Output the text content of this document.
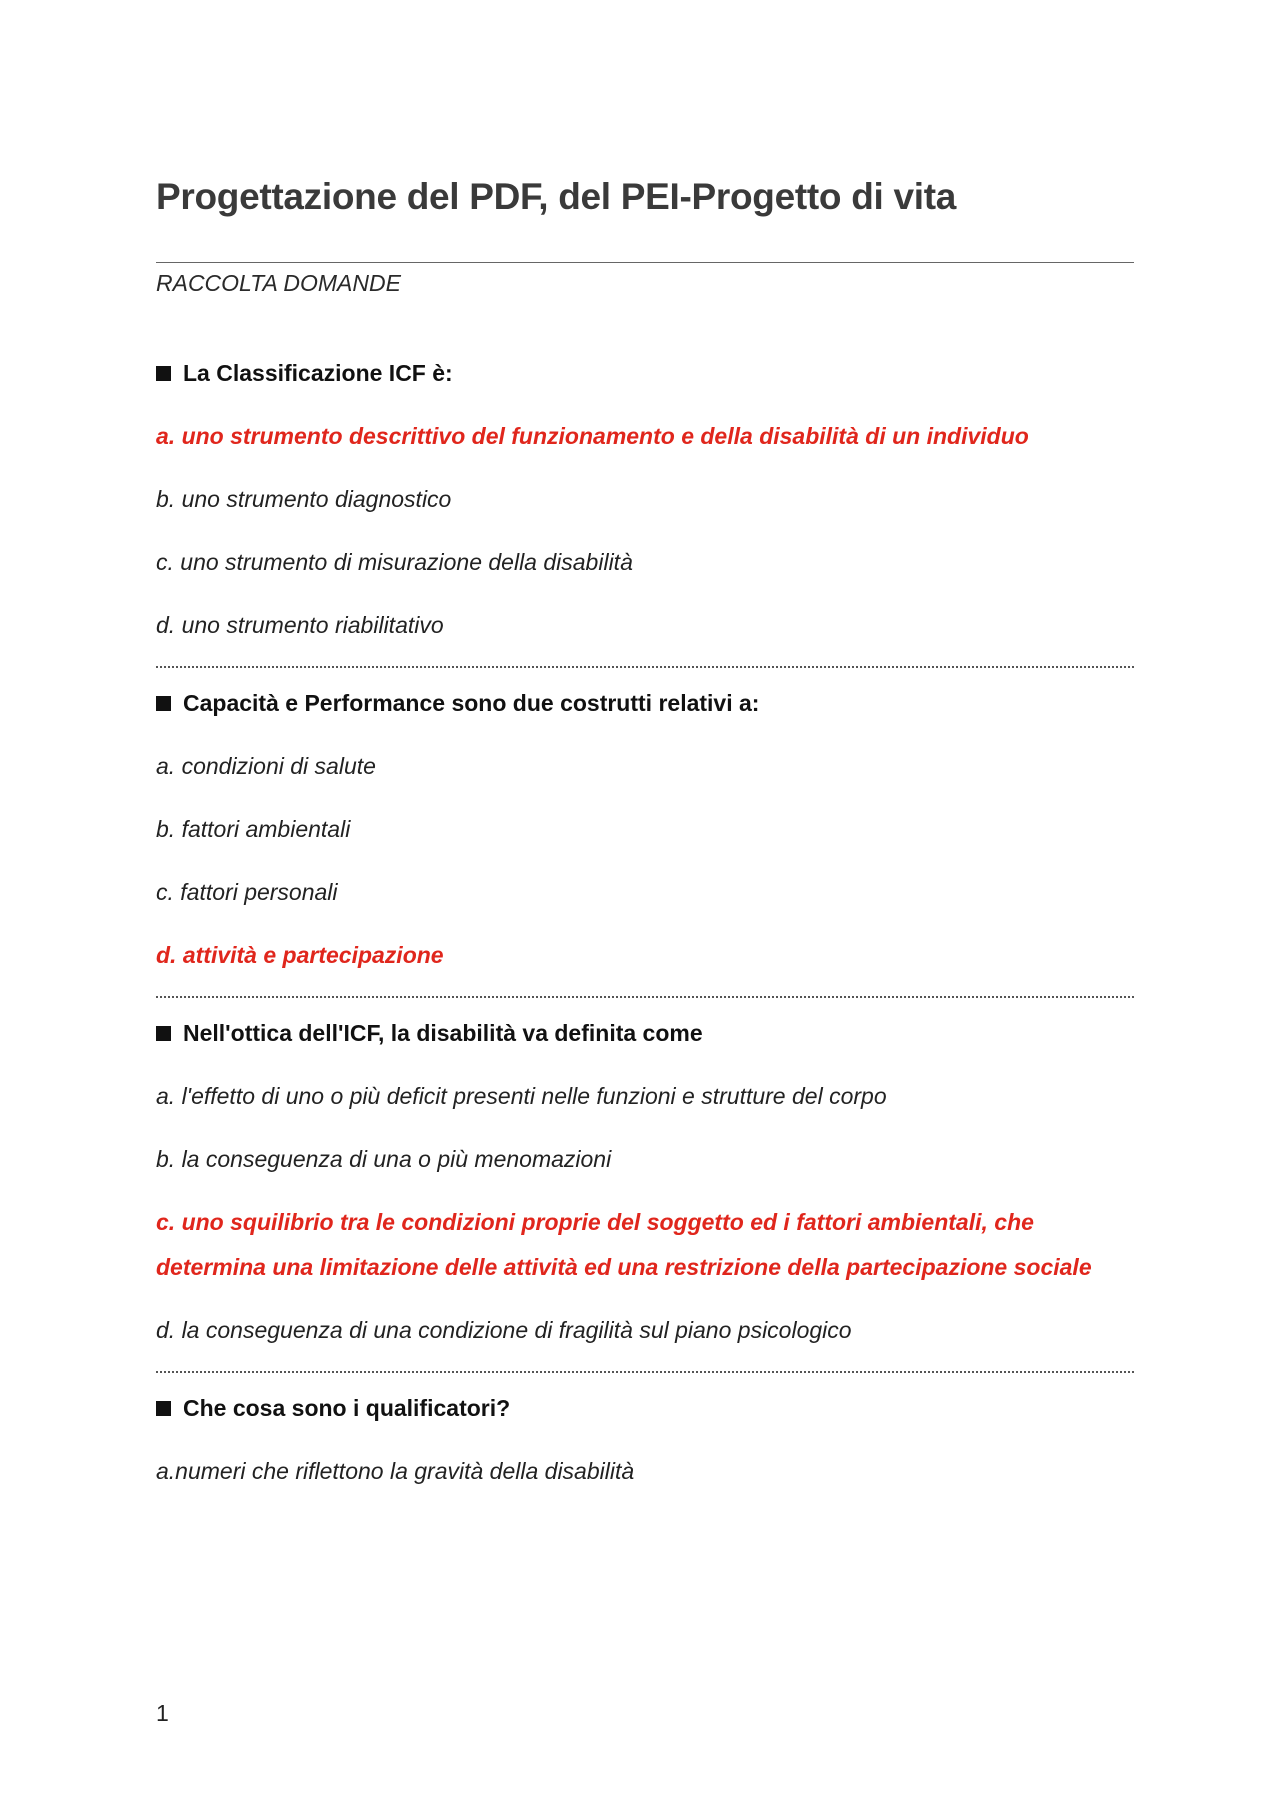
Progettazione del PDF, del PEI-Progetto di vita
RACCOLTA DOMANDE
La Classificazione ICF è:
a. uno strumento descrittivo del funzionamento e della disabilità di un individuo
b. uno strumento diagnostico
c. uno strumento di misurazione della disabilità
d. uno strumento riabilitativo
Capacità e Performance sono due costrutti relativi a:
a. condizioni di salute
b. fattori ambientali
c. fattori personali
d. attività e partecipazione
Nell'ottica dell'ICF, la disabilità va definita come
a. l'effetto di uno o più deficit presenti nelle funzioni e strutture del corpo
b. la conseguenza di una o più menomazioni
c. uno squilibrio tra le condizioni proprie del soggetto ed i fattori ambientali, che determina una limitazione delle attività ed una restrizione della partecipazione sociale
d. la conseguenza di una condizione di fragilità sul piano psicologico
Che cosa sono i qualificatori?
a.numeri che riflettono la gravità della disabilità
1
